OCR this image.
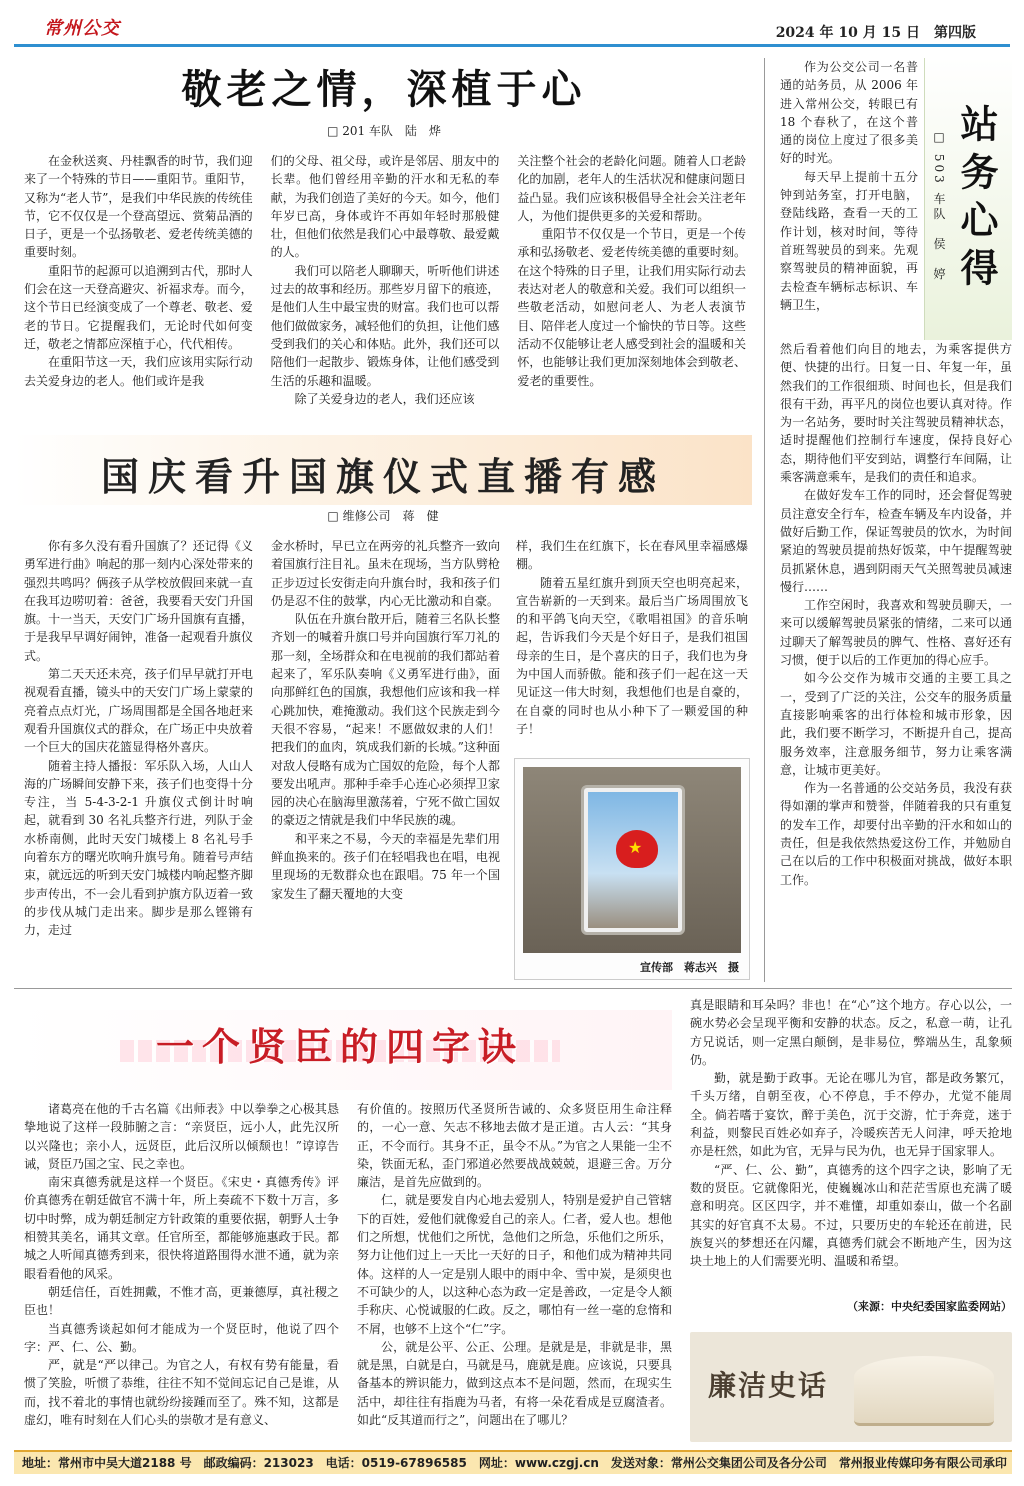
常州公交	2024 年 10 月 15 日　第四版
敬老之情，深植于心
□ 201 车队　陆　烨

在金秋送爽、丹桂飘香的时节，我们迎来了一个特殊的节日——重阳节。重阳节，又称为“老人节”，是我们中华民族的传统佳节，它不仅仅是一个登高望远、赏菊品酒的日子，更是一个弘扬敬老、爱老传统美德的重要时刻。

重阳节的起源可以追溯到古代，那时人们会在这一天登高避灾、祈福求寿。而今，这个节日已经演变成了一个尊老、敬老、爱老的节日。它提醒我们，无论时代如何变迁，敬老之情都应深植于心，代代相传。

在重阳节这一天，我们应该用实际行动去关爱身边的老人。他们或许是我

们的父母、祖父母，或许是邻居、朋友中的长辈。他们曾经用辛勤的汗水和无私的奉献，为我们创造了美好的今天。如今，他们年岁已高，身体或许不再如年轻时那般健壮，但他们依然是我们心中最尊敬、最爱戴的人。

我们可以陪老人聊聊天，听听他们讲述过去的故事和经历。那些岁月留下的痕迹，是他们人生中最宝贵的财富。我们也可以帮他们做做家务，减轻他们的负担，让他们感受到我们的关心和体贴。此外，我们还可以陪他们一起散步、锻炼身体，让他们感受到生活的乐趣和温暖。

除了关爱身边的老人，我们还应该

关注整个社会的老龄化问题。随着人口老龄化的加剧，老年人的生活状况和健康问题日益凸显。我们应该积极倡导全社会关注老年人，为他们提供更多的关爱和帮助。

重阳节不仅仅是一个节日，更是一个传承和弘扬敬老、爱老传统美德的重要时刻。在这个特殊的日子里，让我们用实际行动去表达对老人的敬意和关爱。我们可以组织一些敬老活动，如慰问老人、为老人表演节目、陪伴老人度过一个愉快的节日等。这些活动不仅能够让老人感受到社会的温暖和关怀，也能够让我们更加深刻地体会到敬老、爱老的重要性。

国庆看升国旗仪式直播有感
□ 维修公司　蒋　健

你有多久没有看升国旗了？还记得《义勇军进行曲》响起的那一刻内心深处带来的强烈共鸣吗？俩孩子从学校放假回来就一直在我耳边唠叨着：爸爸，我要看天安门升国旗。十一当天，天安门广场升国旗有直播，于是我早早调好闹钟，准备一起观看升旗仪式。

第二天天还未亮，孩子们早早就打开电视观看直播，镜头中的天安门广场上蒙蒙的亮着点点灯光，广场周围都是全国各地赶来观看升国旗仪式的群众，在广场正中央放着一个巨大的国庆花篮显得格外喜庆。

随着主持人播报：军乐队入场，人山人海的广场瞬间安静下来，孩子们也变得十分专注，当 5-4-3-2-1 升旗仪式倒计时响起，就看到 30 名礼兵整齐行进，列队于金水桥南侧，此时天安门城楼上 8 名礼号手向着东方的曙光吹响升旗号角。随着号声结束，就远远的听到天安门城楼内响起整齐脚步声传出，不一会儿看到护旗方队迈着一致的步伐从城门走出来。脚步是那么铿锵有力，走过

金水桥时，早已立在两旁的礼兵整齐一致向着国旗行注目礼。虽未在现场，当方队劈枪正步迈过长安街走向升旗台时，我和孩子们仍是忍不住的鼓掌，内心无比激动和自豪。

队伍在升旗台散开后，随着三名队长整齐划一的喊着升旗口号并向国旗行军刀礼的那一刻，全场群众和在电视前的我们都站着起来了，军乐队奏响《义勇军进行曲》，面向那鲜红色的国旗，我想他们应该和我一样心跳加快，难掩激动。我们这个民族走到今天很不容易，“起来！不愿做奴隶的人们！把我们的血肉，筑成我们新的长城。”这种面对敌人侵略有成为亡国奴的危险，每个人都要发出吼声。那种手牵手心连心必须捍卫家园的决心在脑海里激荡着，宁死不做亡国奴的豪迈之情就是我们中华民族的魂。

和平来之不易，今天的幸福是先辈们用鲜血换来的。孩子们在轻唱我也在唱，电视里现场的无数群众也在跟唱。75 年一个国家发生了翻天覆地的大变

样，我们生在红旗下，长在春风里幸福感爆棚。

随着五星红旗升到顶天空也明亮起来，宣告崭新的一天到来。最后当广场周围放飞的和平鸽飞向天空，《歌唱祖国》的音乐响起，告诉我们今天是个好日子，是我们祖国母亲的生日，是个喜庆的日子，我们也为身为中国人而骄傲。能和孩子们一起在这一天见证这一伟大时刻，我想他们也是自豪的，在自豪的同时也从小种下了一颗爱国的种子！

★
宣传部　蒋志兴　摄

作为公交公司一名普通的站务员，从 2006 年进入常州公交，转眼已有 18 个春秋了，在这个普通的岗位上度过了很多美好的时光。

每天早上提前十五分钟到站务室，打开电脑，登陆线路，查看一天的工作计划，核对时间，等待首班驾驶员的到来。先观察驾驶员的精神面貌，再去检查车辆标志标识、车辆卫生，

站务心得
□ 503 车队　侯　婷

然后看着他们向目的地去，为乘客提供方便、快捷的出行。日复一日、年复一年，虽然我们的工作很细琐、时间也长，但是我们很有干劲，再平凡的岗位也要认真对待。作为一名站务，要时时关注驾驶员精神状态，适时提醒他们控制行车速度，保持良好心态，期待他们平安到站，调整行车间隔，让乘客满意乘车，是我们的责任和追求。

在做好发车工作的同时，还会督促驾驶员注意安全行车，检查车辆及车内设备，并做好后勤工作，保证驾驶员的饮水，为时间紧迫的驾驶员提前热好饭菜，中午提醒驾驶员抓紧休息，遇到阴雨天气关照驾驶员减速慢行……

工作空闲时，我喜欢和驾驶员聊天，一来可以缓解驾驶员紧张的情绪，二来可以通过聊天了解驾驶员的脾气、性格、喜好还有习惯，便于以后的工作更加的得心应手。

如今公交作为城市交通的主要工具之一，受到了广泛的关注，公交车的服务质量直接影响乘客的出行体检和城市形象，因此，我们要不断学习，不断提升自己，提高服务效率，注意服务细节，努力让乘客满意，让城市更美好。

作为一名普通的公交站务员，我没有获得如潮的掌声和赞誉，伴随着我的只有重复的发车工作，却要付出辛勤的汗水和如山的责任，但是我依然热爱这份工作，并勉励自己在以后的工作中积极面对挑战，做好本职工作。

一个贤臣的四字诀

诸葛亮在他的千古名篇《出师表》中以拳拳之心极其恳挚地说了这样一段肺腑之言：“亲贤臣，远小人，此先汉所以兴隆也；亲小人，远贤臣，此后汉所以倾颓也！”谆谆告诫，贤臣乃国之宝、民之幸也。

南宋真德秀就是这样一个贤臣。《宋史・真德秀传》评价真德秀在朝廷做官不满十年，所上奏疏不下数十万言，多切中时弊，成为朝廷制定方针政策的重要依据，朝野人士争相赞其美名，诵其文章。任官所至，都能够施惠政于民。都城之人听闻真德秀到来，很快将道路围得水泄不通，就为亲眼看看他的风采。

朝廷信任，百姓拥戴，不惟才高，更兼德厚，真社稷之臣也！

当真德秀谈起如何才能成为一个贤臣时，他说了四个字：严、仁、公、勤。

严，就是“严以律己。为官之人，有权有势有能量，看惯了笑脸，听惯了恭维，往往不知不觉间忘记自己是谁，从而，找不着北的事情也就纷纷接踵而至了。殊不知，这都是虚幻，唯有时刻在人们心头的崇敬才是有意义、

有价值的。按照历代圣贤所告诫的、众多贤臣用生命注释的，一心一意、矢志不移地去做才是正道。古人云：“其身正，不令而行。其身不正，虽令不从。”为官之人果能一尘不染，铁面无私，歪门邪道必然要战战兢兢，退避三舍。万分廉洁，是首先应做到的。

仁，就是要发自内心地去爱别人，特别是爱护自己管辖下的百姓，爱他们就像爱自己的亲人。仁者，爱人也。想他们之所想，忧他们之所忧，急他们之所急，乐他们之所乐，努力让他们过上一天比一天好的日子，和他们成为精神共同体。这样的人一定是别人眼中的雨中伞、雪中炭，是须臾也不可缺少的人，以这种心态为政一定是善政，一定是令人额手称庆、心悦诚服的仁政。反之，哪怕有一丝一毫的怠惰和不屑，也够不上这个“仁”字。

公，就是公平、公正、公理。是就是是，非就是非，黑就是黑，白就是白，马就是马，鹿就是鹿。应该说，只要具备基本的辨识能力，做到这点本不是问题，然而，在现实生活中，却往往有指鹿为马者，有将一朵花看成是豆腐渣者。如此“反其道而行之”，问题出在了哪儿？

真是眼睛和耳朵吗？非也！在“心”这个地方。存心以公，一碗水势必会呈现平衡和安静的状态。反之，私意一萌，让孔方兄说话，则一定黑白颠倒，是非易位，弊端丛生，乱象频仍。

勤，就是勤于政事。无论在哪儿为官，都是政务繁冗，千头万绪，自朝至夜，心不停息，手不停办，尤觉不能周全。倘若嗜于宴饮，醉于美色，沉于交游，忙于奔竞，迷于利益，则黎民百姓必如弃子，冷暖疾苦无人问津，呼天抢地亦是枉然，如此为官，无异与民为仇，也无异于国家罪人。

“严、仁、公、勤”，真德秀的这个四字之诀，影响了无数的贤臣。它就像阳光，使巍巍冰山和茫茫雪原也充满了暖意和明亮。区区四字，并不难懂，却重如泰山，做一个名副其实的好官真不太易。不过，只要历史的车轮还在前进，民族复兴的梦想还在闪耀，真德秀们就会不断地产生，因为这块土地上的人们需要光明、温暖和希望。

（来源：中央纪委国家监委网站）
廉洁史话
地址：常州市中吴大道2188 号　邮政编码：213023　电话：0519-67896585　网址：www.czgj.cn　发送对象：常州公交集团公司及各分公司　常州报业传媒印务有限公司承印
